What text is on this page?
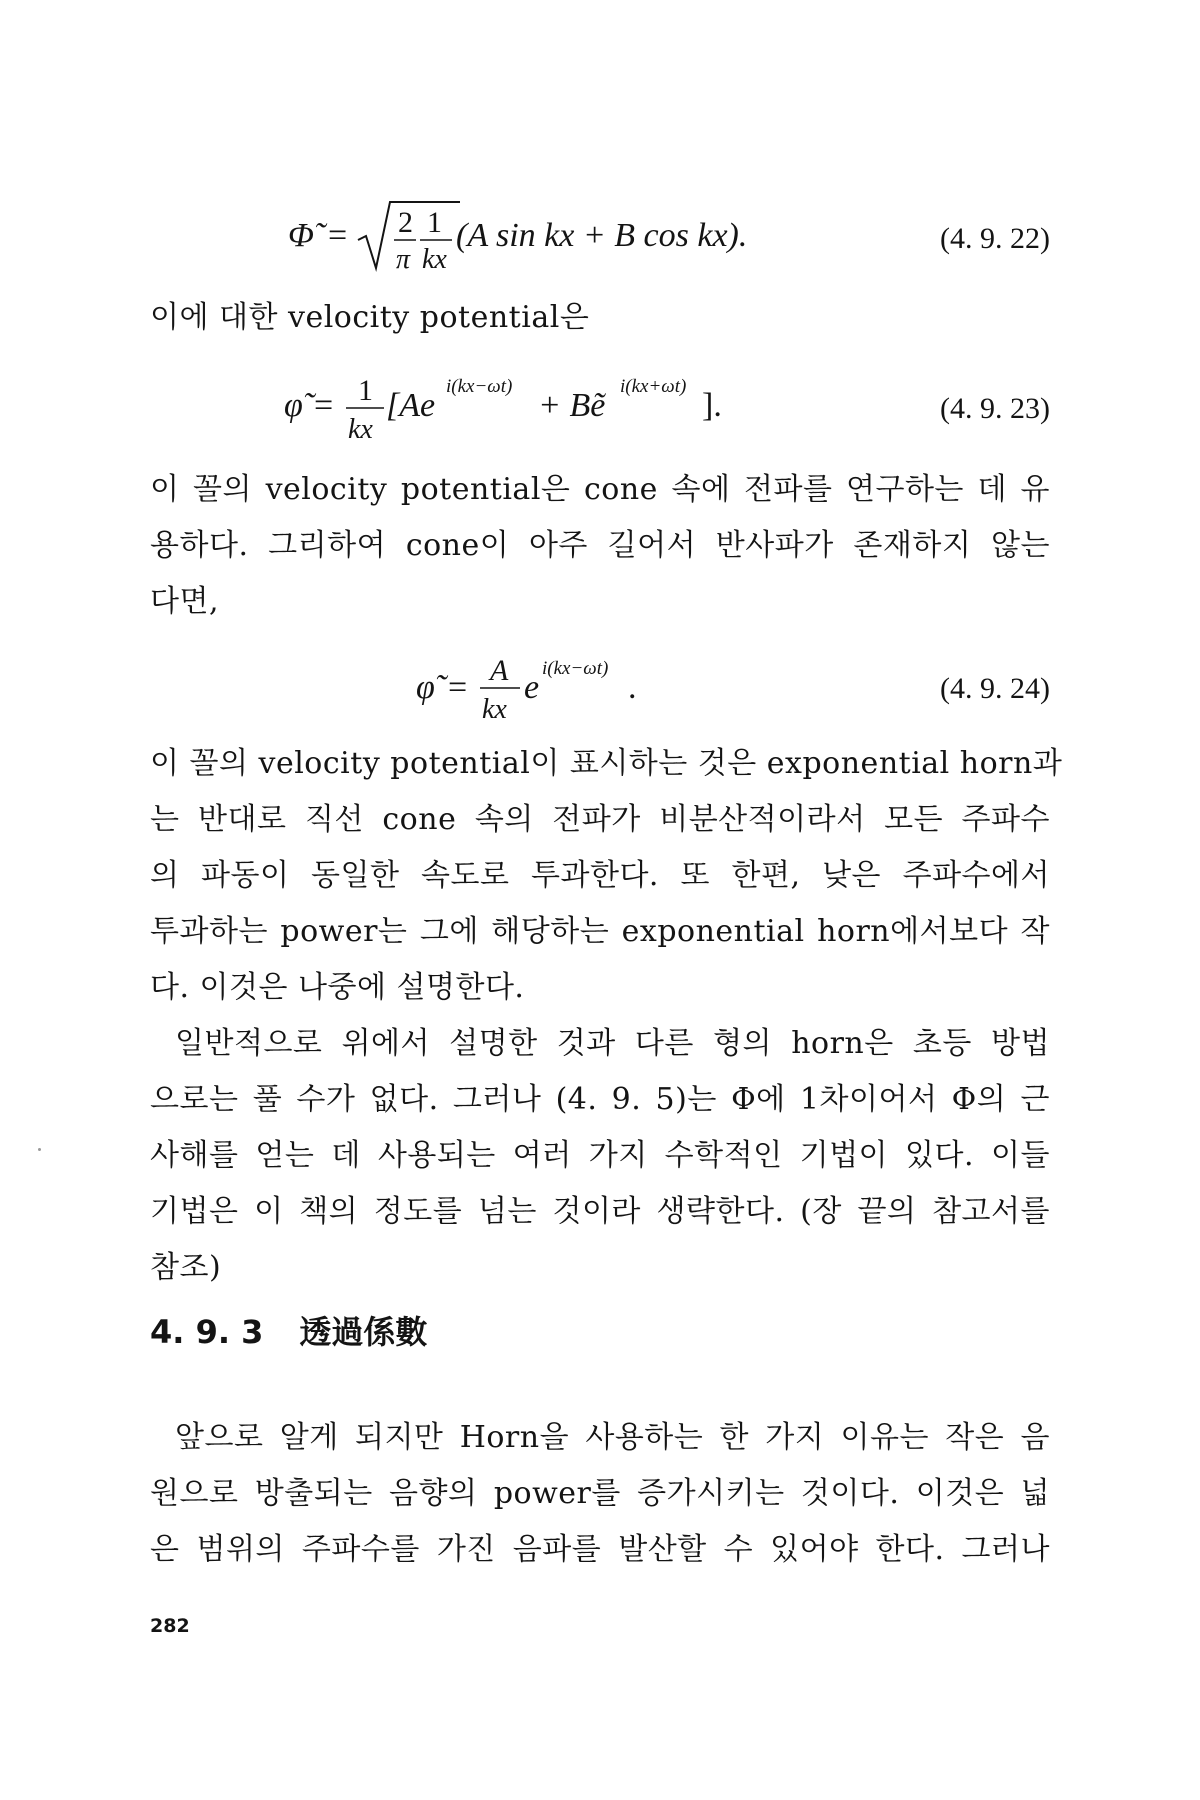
Φ̃ = 2 1
π kx
(A sin kx + B cos kx).	(4. 9. 22)
이에 대한 velocity potential은
φ̃ = 1
kx
[Ae
i(kx−ωt)
+ Bẽ
i(kx+ωt)
].	(4. 9. 23)
이 꼴의 velocity potential은 cone 속에 전파를 연구하는 데 유
용하다. 그리하여 cone이 아주 길어서 반사파가 존재하지 않는
다면,
φ̃ = A
kx
e
i(kx−ωt)
.	(4. 9. 24)
이 꼴의 velocity potential이 표시하는 것은 exponential horn과
는 반대로 직선 cone 속의 전파가 비분산적이라서 모든 주파수
의 파동이 동일한 속도로 투과한다. 또 한편, 낮은 주파수에서
투과하는 power는 그에 해당하는 exponential horn에서보다 작
다. 이것은 나중에 설명한다.
일반적으로 위에서 설명한 것과 다른 형의 horn은 초등 방법
으로는 풀 수가 없다. 그러나 (4. 9. 5)는 Φ에 1차이어서 Φ의 근
사해를 얻는 데 사용되는 여러 가지 수학적인 기법이 있다. 이들
기법은 이 책의 정도를 넘는 것이라 생략한다. (장 끝의 참고서를
참조)
4. 9. 3 透過係數
앞으로 알게 되지만 Horn을 사용하는 한 가지 이유는 작은 음
원으로 방출되는 음향의 power를 증가시키는 것이다. 이것은 넓
은 범위의 주파수를 가진 음파를 발산할 수 있어야 한다. 그러나
282
